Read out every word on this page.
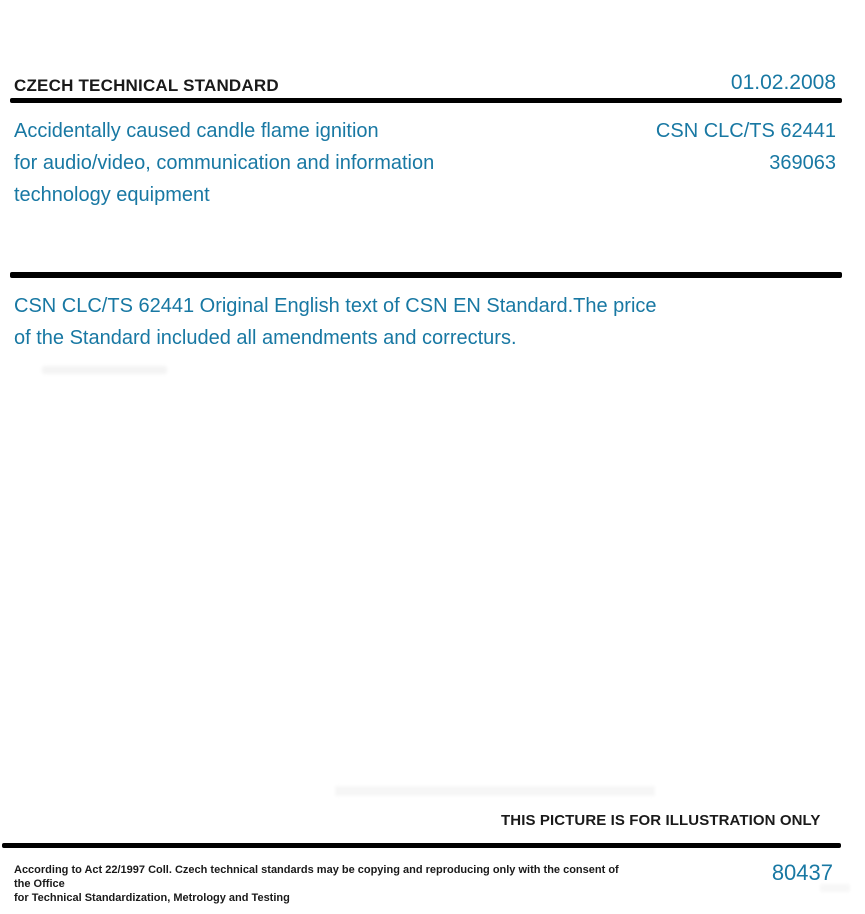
CZECH TECHNICAL STANDARD	01.02.2008
Accidentally caused candle flame ignition
for audio/video, communication and information
technology equipment
CSN CLC/TS 62441
369063
CSN CLC/TS 62441 Original English text of CSN EN Standard.The price
of the Standard included all amendments and correcturs.
THIS PICTURE IS FOR ILLUSTRATION ONLY
According to Act 22/1997 Coll. Czech technical standards may be copying and reproducing only with the consent of the Office
for Technical Standardization, Metrology and Testing
80437
